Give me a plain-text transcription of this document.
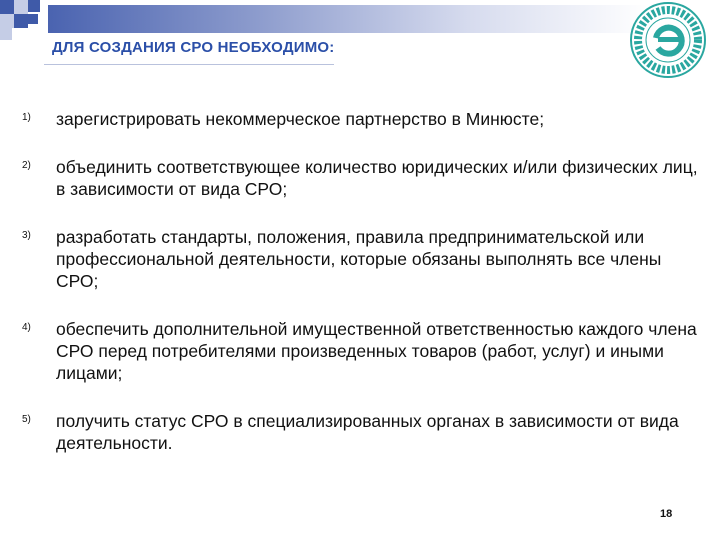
ДЛЯ СОЗДАНИЯ СРО НЕОБХОДИМО:
1)	зарегистрировать некоммерческое партнерство в Минюсте;
2)	объединить соответствующее количество юридических и/или физических лиц, в зависимости от вида СРО;
3)	разработать стандарты, положения, правила предпринимательской или профессиональной деятельности, которые обязаны выполнять все члены СРО;
4)	обеспечить дополнительной имущественной ответственностью каждого члена СРО перед потребителями произведенных товаров (работ, услуг) и иными лицами;
5)	получить статус СРО в специализированных органах в зависимости от вида деятельности.
18
